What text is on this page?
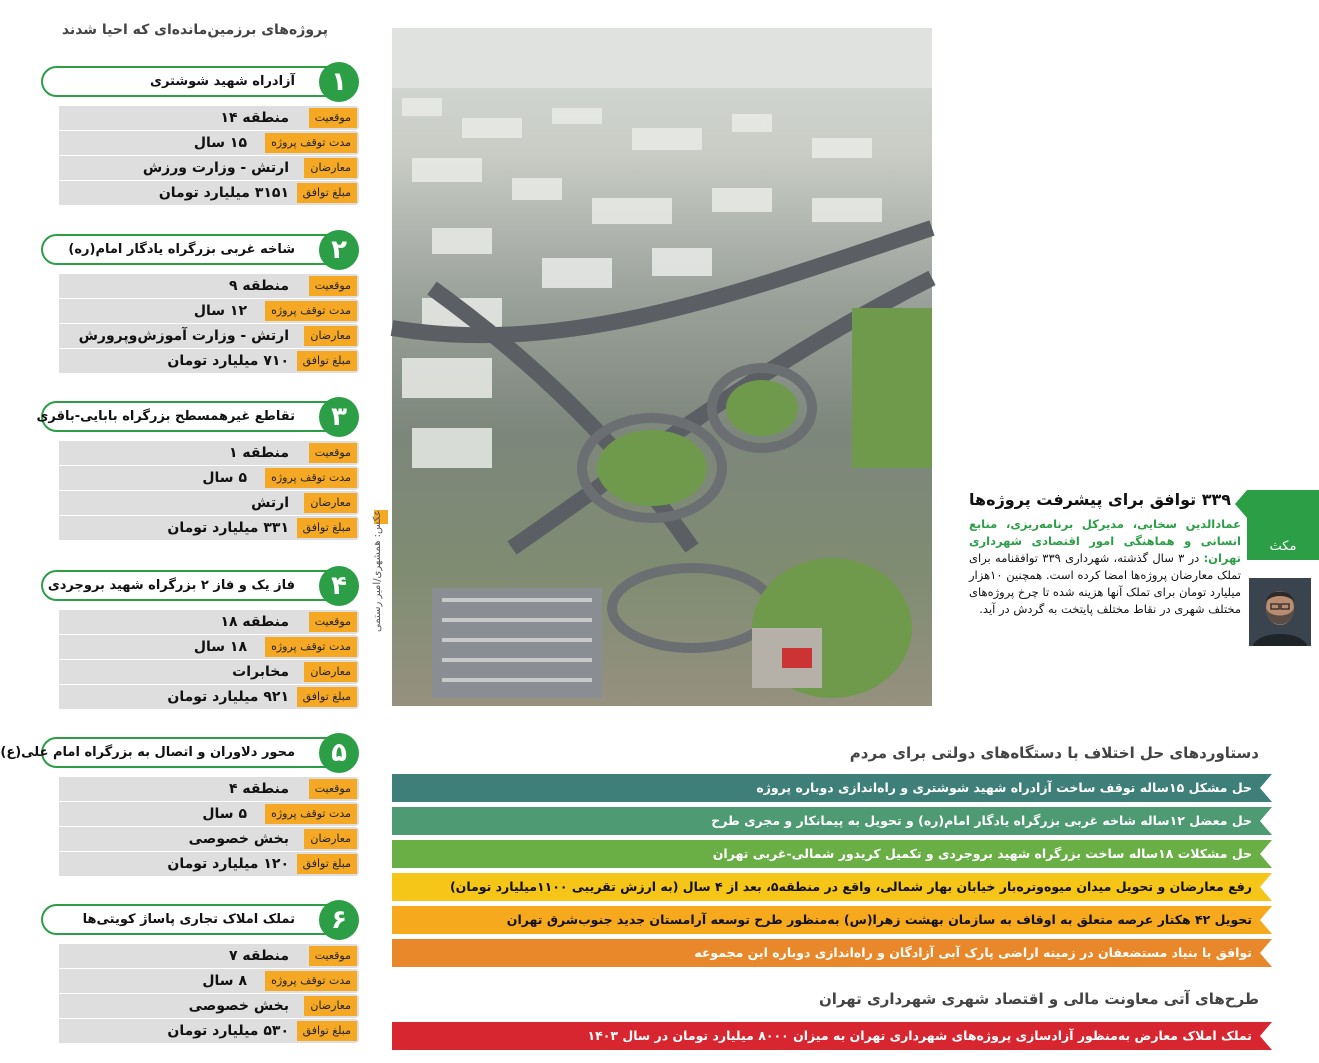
پروژه‌های برزمین‌مانده‌ای که احیا شدند
آزادراه شهید شوشتری	۱
موقعیت
منطقه ۱۴
مدت توقف پروژه
۱۵ سال
معارضان
ارتش - وزارت ورزش
مبلغ توافق
۳۱۵۱ میلیارد تومان
شاخه غربی بزرگراه یادگار امام(ره)	۲
موقعیت
منطقه ۹
مدت توقف پروژه
۱۲ سال
معارضان
ارتش - وزارت آموزش‌وپرورش
مبلغ توافق
۷۱۰ میلیارد تومان
تقاطع غیرهمسطح بزرگراه بابایی-باقری	۳
موقعیت
منطقه ۱
مدت توقف پروژه
۵ سال
معارضان
ارتش
مبلغ توافق
۳۳۱ میلیارد تومان
فاز یک و فاز ۲ بزرگراه شهید بروجردی	۴
موقعیت
منطقه ۱۸
مدت توقف پروژه
۱۸ سال
معارضان
مخابرات
مبلغ توافق
۹۲۱ میلیارد تومان
محور دلاوران و اتصال به بزرگراه امام علی(ع)	۵
موقعیت
منطقه ۴
مدت توقف پروژه
۵ سال
معارضان
بخش خصوصی
مبلغ توافق
۱۲۰ میلیارد تومان
تملک املاک تجاری پاساژ کویتی‌ها	۶
موقعیت
منطقه ۷
مدت توقف پروژه
۸ سال
معارضان
بخش خصوصی
مبلغ توافق
۵۳۰ میلیارد تومان
عکس: همشهری/امیر رستمی	مکث
۳۳۹ توافق برای پیشرفت پروژه‌ها
عمادالدین سخایی، مدیرکل برنامه‌ریزی، منابع انسانی و هماهنگی امور اقتصادی شهرداری تهران: در ۳ سال گذشته، شهرداری ۳۳۹ توافقنامه برای تملک معارضان پروژه‌ها امضا کرده است. همچنین ۱۰هزار میلیارد تومان برای تملک آنها هزینه شده تا چرخ پروژه‌های مختلف شهری در نقاط مختلف پایتخت به گردش در آید.
دستاوردهای حل اختلاف با دستگاه‌های دولتی برای مردم
حل مشکل ۱۵ساله توقف ساخت آزادراه شهید شوشتری و راه‌اندازی دوباره پروژه
حل معضل ۱۲ساله شاخه غربی بزرگراه یادگار امام(ره) و تحویل به پیمانکار و مجری طرح
حل مشکلات ۱۸ساله ساخت بزرگراه شهید بروجردی و تکمیل کریدور شمالی-غربی تهران
رفع معارضان و تحویل میدان میوه‌وتره‌بار خیابان بهار شمالی، واقع در منطقه۵، بعد از ۴ سال (به ارزش تقریبی ۱۱۰۰میلیارد تومان)
تحویل ۴۲ هکتار عرصه متعلق به اوقاف به سازمان بهشت زهرا(س) به‌منظور طرح توسعه آرامستان جدید جنوب‌شرق تهران
توافق با بنیاد مستضعفان در زمینه اراضی پارک آبی آزادگان و راه‌اندازی دوباره این مجموعه
طرح‌های آتی معاونت مالی و اقتصاد شهری شهرداری تهران
تملک املاک معارض به‌منظور آزادسازی پروژه‌های شهرداری تهران به میزان ۸۰۰۰ میلیارد تومان در سال ۱۴۰۳
